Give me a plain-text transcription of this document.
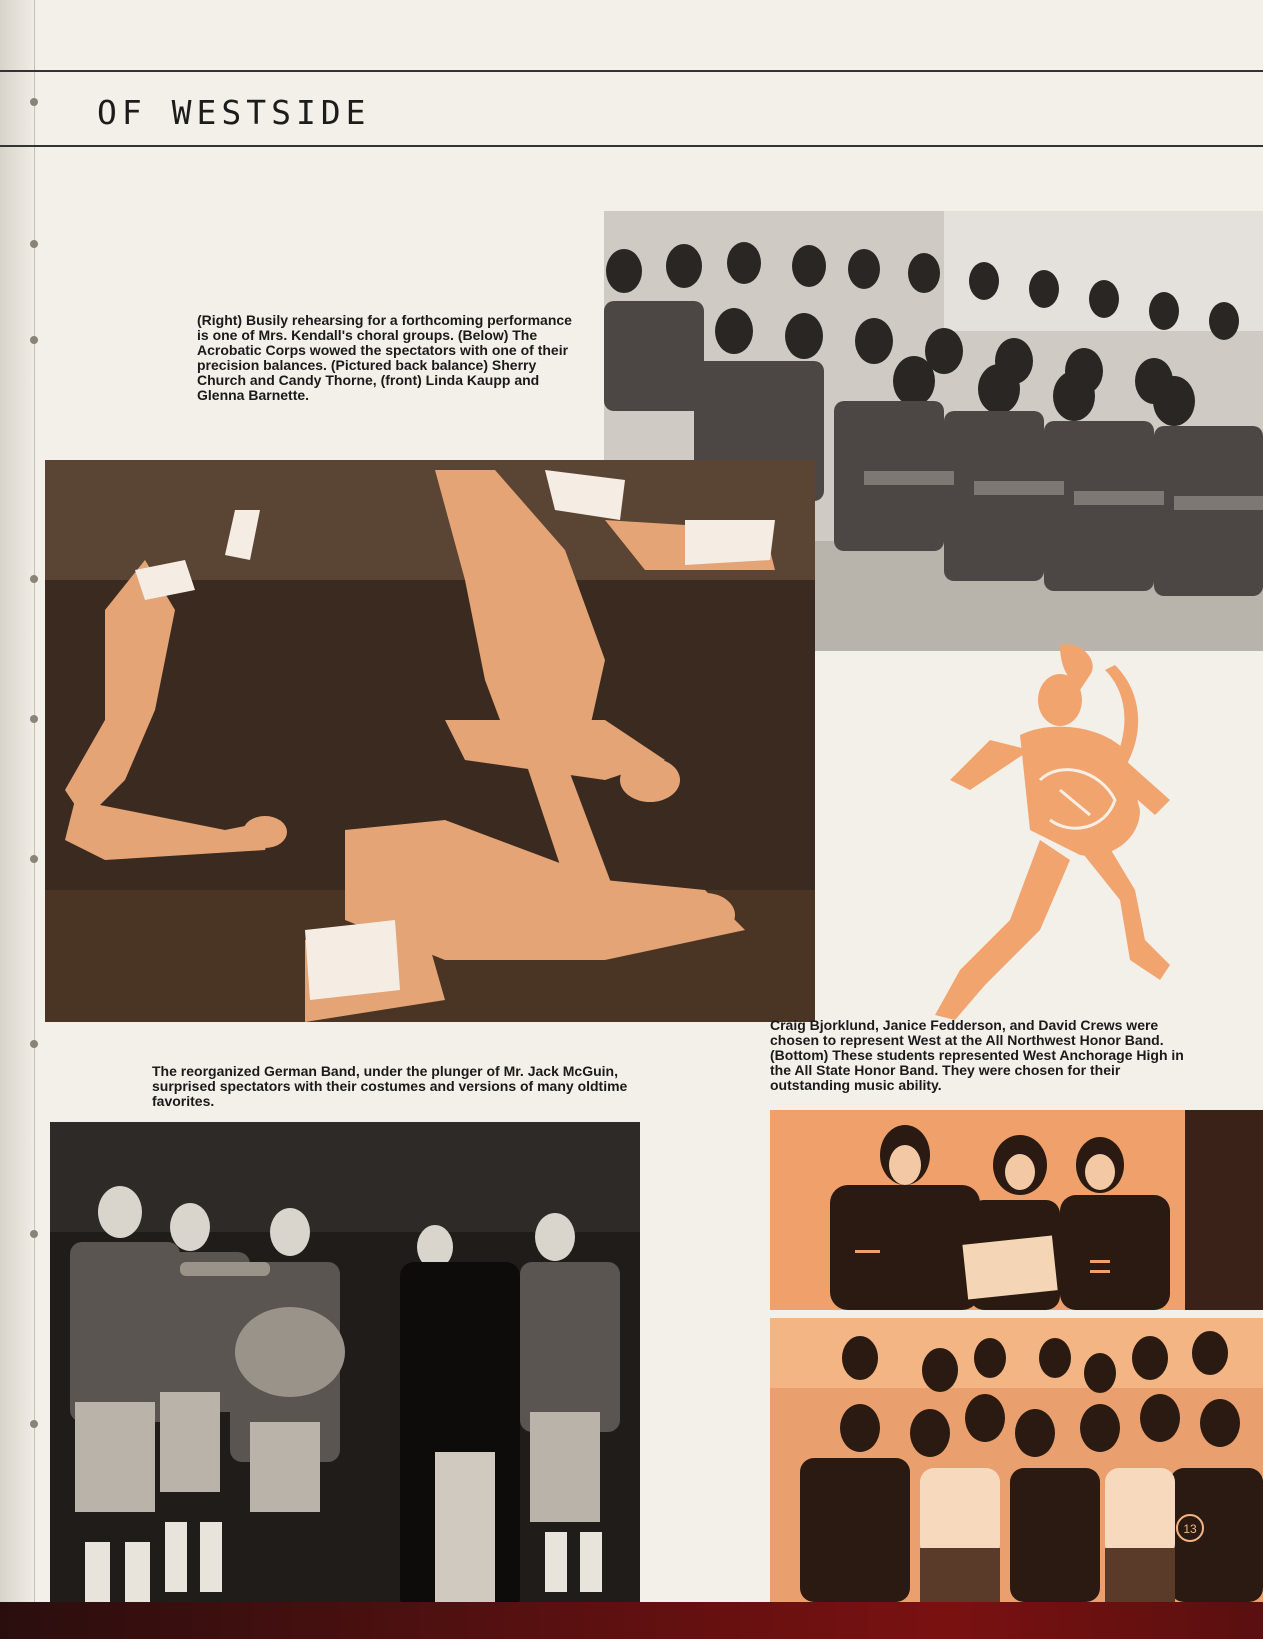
OF WESTSIDE
(Right) Busily rehearsing for a forthcoming performance is one of Mrs. Kendall's choral groups. (Below) The Acrobatic Corps wowed the spectators with one of their precision balances. (Pictured back balance) Sherry Church and Candy Thorne, (front) Linda Kaupp and Glenna Barnette.
The reorganized German Band, under the plunger of Mr. Jack McGuin, surprised spectators with their costumes and versions of many oldtime favorites.
Craig Bjorklund, Janice Fedderson, and David Crews were chosen to represent West at the All Northwest Honor Band. (Bottom) These students represented West Anchorage High in the All State Honor Band. They were chosen for their outstanding music ability.
13
